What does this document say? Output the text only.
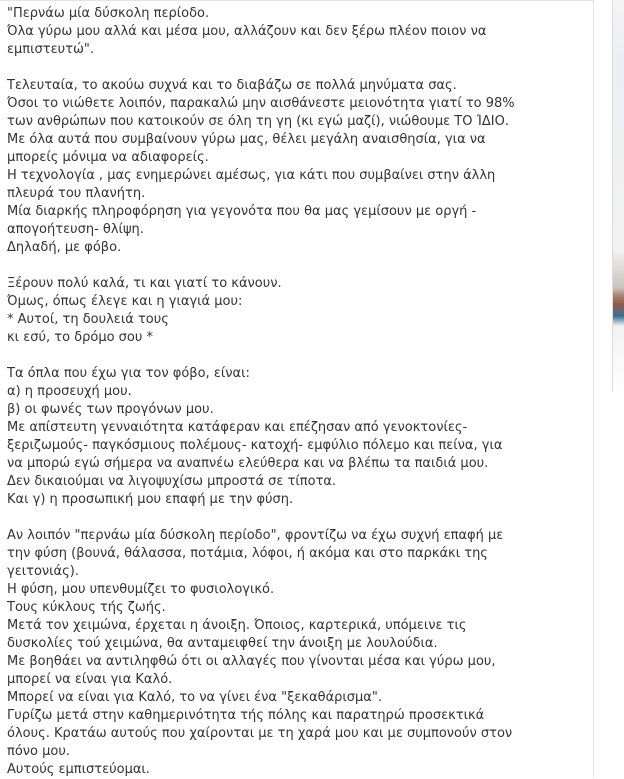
"Περνάω μία δύσκολη περίοδο.

Όλα γύρω μου αλλά και μέσα μου, αλλάζουν και δεν ξέρω πλέον ποιον να

εμπιστευτώ".

Τελευταία, το ακούω συχνά και το διαβάζω σε πολλά μηνύματα σας.

Όσοι το νιώθετε λοιπόν, παρακαλώ μην αισθάνεστε μειονότητα γιατί το 98%

των ανθρώπων που κατοικούν σε όλη τη γη (κι εγώ μαζί), νιώθουμε ΤΟ ΊΔΙΟ.

Με όλα αυτά που συμβαίνουν γύρω μας, θέλει μεγάλη αναισθησία, για να

μπορείς μόνιμα να αδιαφορείς.

Η τεχνολογία , μας ενημερώνει αμέσως, για κάτι που συμβαίνει στην άλλη

πλευρά του πλανήτη.

Μία διαρκής πληροφόρηση για γεγονότα που θα μας γεμίσουν με οργή -

απογοήτευση- θλίψη.

Δηλαδή, με φόβο.

Ξέρουν πολύ καλά, τι και γιατί το κάνουν.

Όμως, όπως έλεγε και η γιαγιά μου:

* Αυτοί, τη δουλειά τους

κι εσύ, το δρόμο σου *

Τα όπλα που έχω για τον φόβο, είναι:

α) η προσευχή μου.

β) οι φωνές των προγόνων μου.

Με απίστευτη γενναιότητα κατάφεραν και επέζησαν από γενοκτονίες-

ξεριζωμούς- παγκόσμιους πολέμους- κατοχή- εμφύλιο πόλεμο και πείνα, για

να μπορώ εγώ σήμερα να αναπνέω ελεύθερα και να βλέπω τα παιδιά μου.

Δεν δικαιούμαι να λιγοψυχίσω μπροστά σε τίποτα.

Και γ) η προσωπική μου επαφή με την φύση.

Αν λοιπόν "περνάω μία δύσκολη περίοδο", φροντίζω να έχω συχνή επαφή με

την φύση (βουνά, θάλασσα, ποτάμια, λόφοι, ή ακόμα και στο παρκάκι της

γειτονιάς).

Η φύση, μου υπενθυμίζει το φυσιολογικό.

Τους κύκλους τής ζωής.

Μετά τον χειμώνα, έρχεται η άνοιξη. Όποιος, καρτερικά, υπόμεινε τις

δυσκολίες τού χειμώνα, θα ανταμειφθεί την άνοιξη με λουλούδια.

Με βοηθάει να αντιληφθώ ότι οι αλλαγές που γίνονται μέσα και γύρω μου,

μπορεί να είναι για Καλό.

Μπορεί να είναι για Καλό, το να γίνει ένα "ξεκαθάρισμα".

Γυρίζω μετά στην καθημερινότητα τής πόλης και παρατηρώ προσεκτικά

όλους. Κρατάω αυτούς που χαίρονται με τη χαρά μου και με συμπονούν στον

πόνο μου.

Αυτούς εμπιστεύομαι.
